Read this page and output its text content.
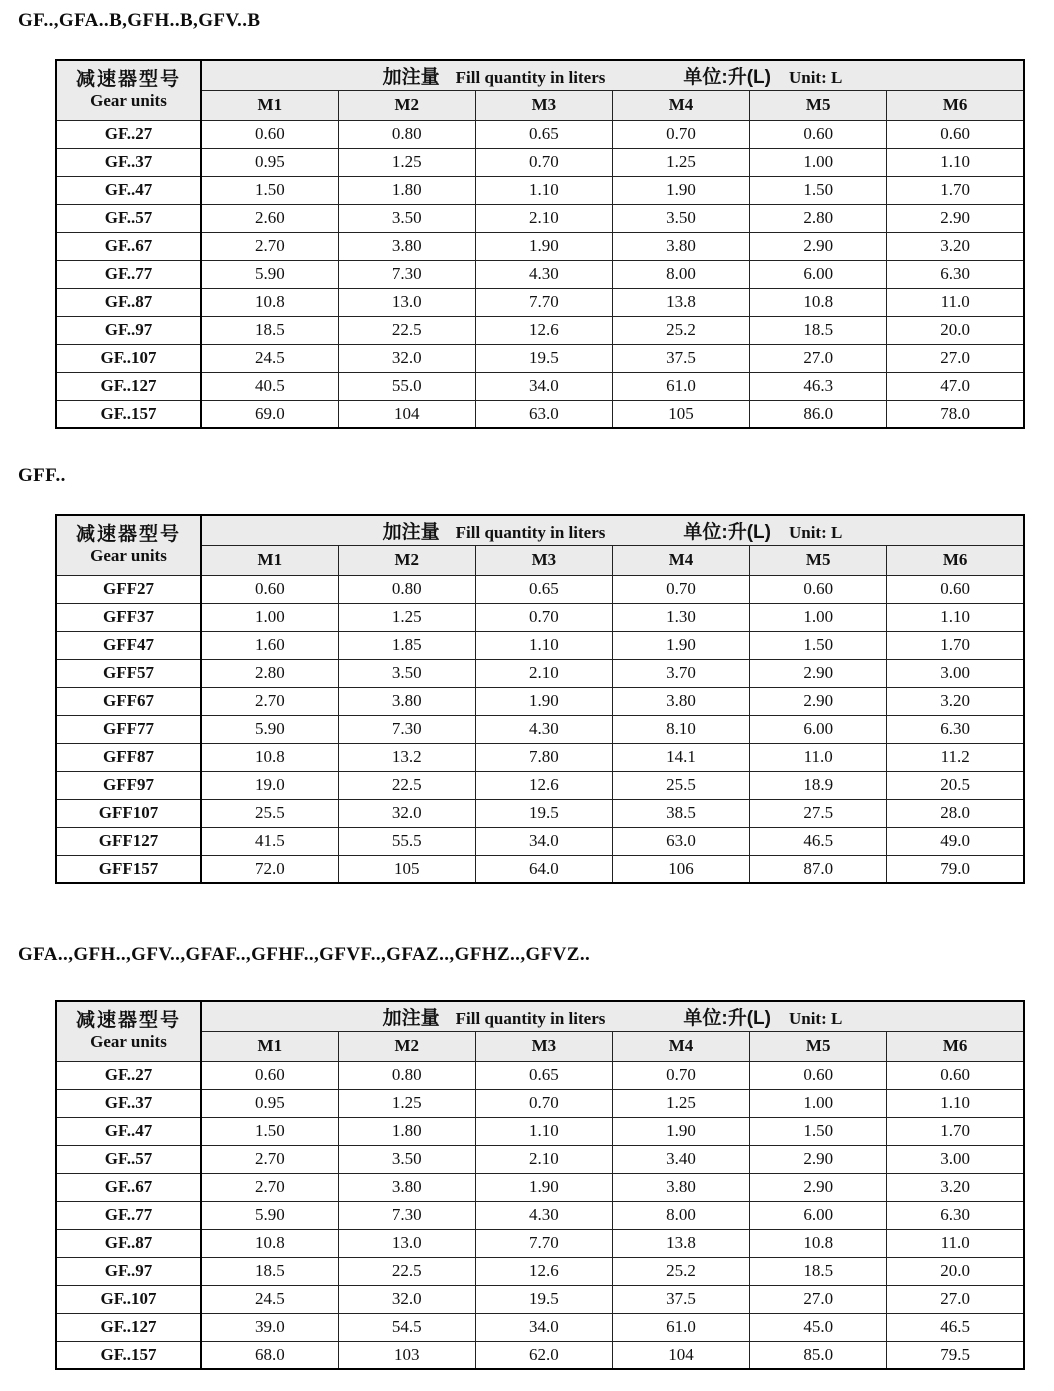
GF..,GFA..B,GFH..B,GFV..B
减速器型号
Gear units

加注量 Fill quantity in liters	单位:升(L) Unit: L

	M1	M2	M3	M4	M5	M6
GF..27	0.60	0.80	0.65	0.70	0.60	0.60
GF..37	0.95	1.25	0.70	1.25	1.00	1.10
GF..47	1.50	1.80	1.10	1.90	1.50	1.70
GF..57	2.60	3.50	2.10	3.50	2.80	2.90
GF..67	2.70	3.80	1.90	3.80	2.90	3.20
GF..77	5.90	7.30	4.30	8.00	6.00	6.30
GF..87	10.8	13.0	7.70	13.8	10.8	11.0
GF..97	18.5	22.5	12.6	25.2	18.5	20.0
GF..107	24.5	32.0	19.5	37.5	27.0	27.0
GF..127	40.5	55.0	34.0	61.0	46.3	47.0
GF..157	69.0	104	63.0	105	86.0	78.0
GFF..
减速器型号
Gear units

加注量 Fill quantity in liters	单位:升(L) Unit: L

	M1	M2	M3	M4	M5	M6
GFF27	0.60	0.80	0.65	0.70	0.60	0.60
GFF37	1.00	1.25	0.70	1.30	1.00	1.10
GFF47	1.60	1.85	1.10	1.90	1.50	1.70
GFF57	2.80	3.50	2.10	3.70	2.90	3.00
GFF67	2.70	3.80	1.90	3.80	2.90	3.20
GFF77	5.90	7.30	4.30	8.10	6.00	6.30
GFF87	10.8	13.2	7.80	14.1	11.0	11.2
GFF97	19.0	22.5	12.6	25.5	18.9	20.5
GFF107	25.5	32.0	19.5	38.5	27.5	28.0
GFF127	41.5	55.5	34.0	63.0	46.5	49.0
GFF157	72.0	105	64.0	106	87.0	79.0
GFA..,GFH..,GFV..,GFAF..,GFHF..,GFVF..,GFAZ..,GFHZ..,GFVZ..
减速器型号
Gear units

加注量 Fill quantity in liters	单位:升(L) Unit: L

	M1	M2	M3	M4	M5	M6
GF..27	0.60	0.80	0.65	0.70	0.60	0.60
GF..37	0.95	1.25	0.70	1.25	1.00	1.10
GF..47	1.50	1.80	1.10	1.90	1.50	1.70
GF..57	2.70	3.50	2.10	3.40	2.90	3.00
GF..67	2.70	3.80	1.90	3.80	2.90	3.20
GF..77	5.90	7.30	4.30	8.00	6.00	6.30
GF..87	10.8	13.0	7.70	13.8	10.8	11.0
GF..97	18.5	22.5	12.6	25.2	18.5	20.0
GF..107	24.5	32.0	19.5	37.5	27.0	27.0
GF..127	39.0	54.5	34.0	61.0	45.0	46.5
GF..157	68.0	103	62.0	104	85.0	79.5
